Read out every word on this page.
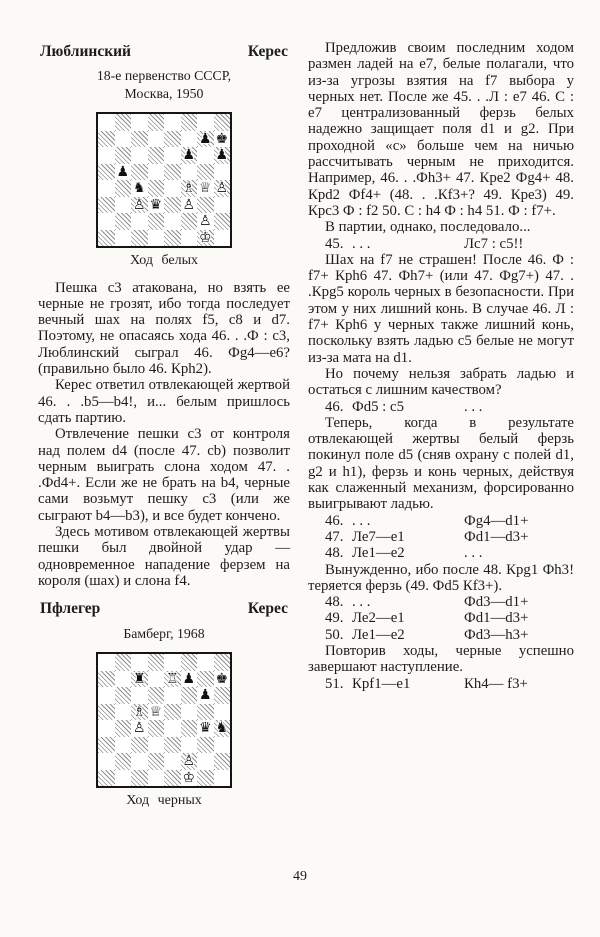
Люблинский	Керес
18-е первенство СССР,
Москва, 1950
♟ ♚
♟ ♟
♟
♞	♗ ♕ ♙
♙ ♛ ♙
♙
♔
Ход белых

Пешка с3 атакована, но взять ее черные не грозят, ибо тогда последует вечный шах на полях f5, с8 и d7. Поэтому, не опасаясь хода 46. . .Ф : с3, Люблинский сыграл 46. Фg4—е6? (правильно было 46. Крh2).

Керес ответил отвлекающей жертвой 46. . .b5—b4!, и... белым пришлось сдать партию.

Отвлечение пешки с3 от контроля над полем d4 (после 47. cb) позволит черным выиграть слона ходом 47. . .Фd4+. Если же не брать на b4, черные сами возьмут пешку с3 (или же сыграют b4—b3), и все будет кончено.

Здесь мотивом отвлекающей жертвы пешки был двойной удар — одновременное нападение ферзем на короля (шах) и слона f4.

Пфлегер	Керес
Бамберг, 1968
♜ ♖ ♟ ♚
♟
♗ ♕
♙	♛ ♞
♙
♔
Ход черных

Предложив своим последним ходом размен ладей на е7, белые полагали, что из-за угрозы взятия на f7 выбора у черных нет. После же 45. . .Л : е7 46. С : е7 централизованный ферзь белых надежно защищает поля d1 и g2. При проходной «с» больше чем на ничью рассчитывать черным не приходится. Например, 46. . .Фh3+ 47. Кре2 Фg4+ 48. Крd2 Фf4+ (48. . .Кf3+? 49. Кре3) 49. Крс3 Ф : f2 50. С : h4 Ф : h4 51. Ф : f7+.

В партии, однако, последовало...

45. . . .	Лс7 : с5!!

Шах на f7 не страшен! После 46. Ф : f7+ Крh6 47. Фh7+ (или 47. Фg7+) 47. . .Крg5 король черных в безопасности. При этом у них лишний конь. В случае 46. Л : f7+ Крh6 у черных также лишний конь, поскольку взять ладью с5 белые не могут из-за мата на d1.

Но почему нельзя забрать ладью и остаться с лишним качеством?

46. Фd5 : с5	. . .

Теперь, когда в результате отвлекающей жертвы белый ферзь покинул поле d5 (сняв охрану с полей d1, g2 и h1), ферзь и конь черных, действуя как слаженный механизм, форсированно выигрывают ладью.

46. . . .	Фg4—d1+
47. Ле7—е1	Фd1—d3+
48. Ле1—е2	. . .

Вынужденно, ибо после 48. Крg1 Фh3! теряется ферзь (49. Фd5 Кf3+).

48. . . .	Фd3—d1+
49. Ле2—е1	Фd1—d3+
50. Ле1—е2	Фd3—h3+

Повторив ходы, черные успешно завершают наступление.

51. Крf1—е1	Кh4— f3+
49
